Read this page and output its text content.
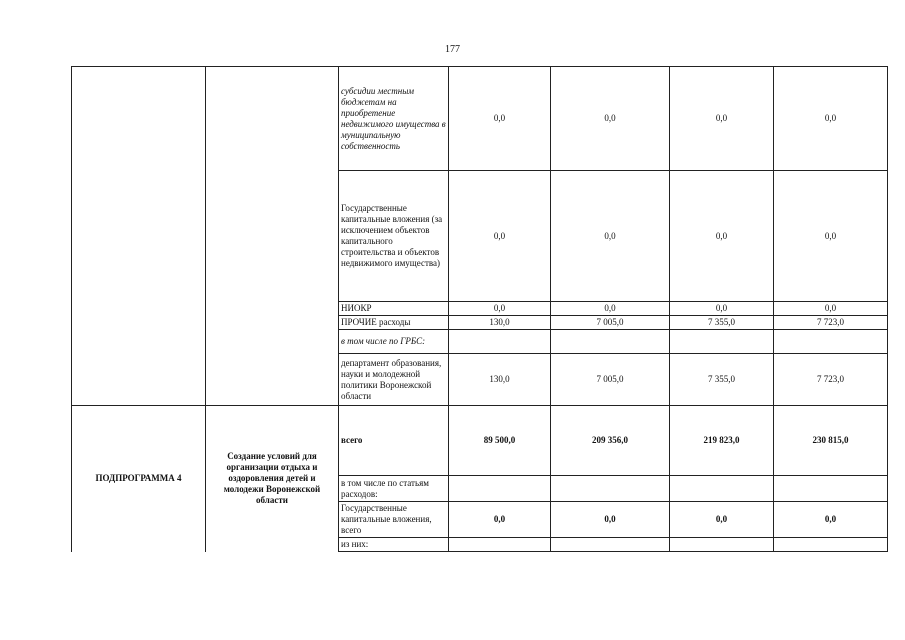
177
		субсидии местным бюджетам на приобретение недвижимого имущества в муниципальную собственность	0,0	0,0	0,0	0,0
		Государственные капитальные вложения (за исключением объектов капитального строительства и объектов недвижимого имущества)	0,0	0,0	0,0	0,0
		НИОКР	0,0	0,0	0,0	0,0
		ПРОЧИЕ расходы	130,0	7 005,0	7 355,0	7 723,0
		в том числе по ГРБС:				
		департамент образования, науки и молодежной политики Воронежской области	130,0	7 005,0	7 355,0	7 723,0
ПОДПРОГРАММА 4	Создание условий для организации отдыха и оздоровления детей и молодежи Воронежской области	всего	89 500,0	209 356,0	219 823,0	230 815,0
		в том числе по статьям расходов:				
		Государственные капитальные вложения, всего	0,0	0,0	0,0	0,0
		из них:				
